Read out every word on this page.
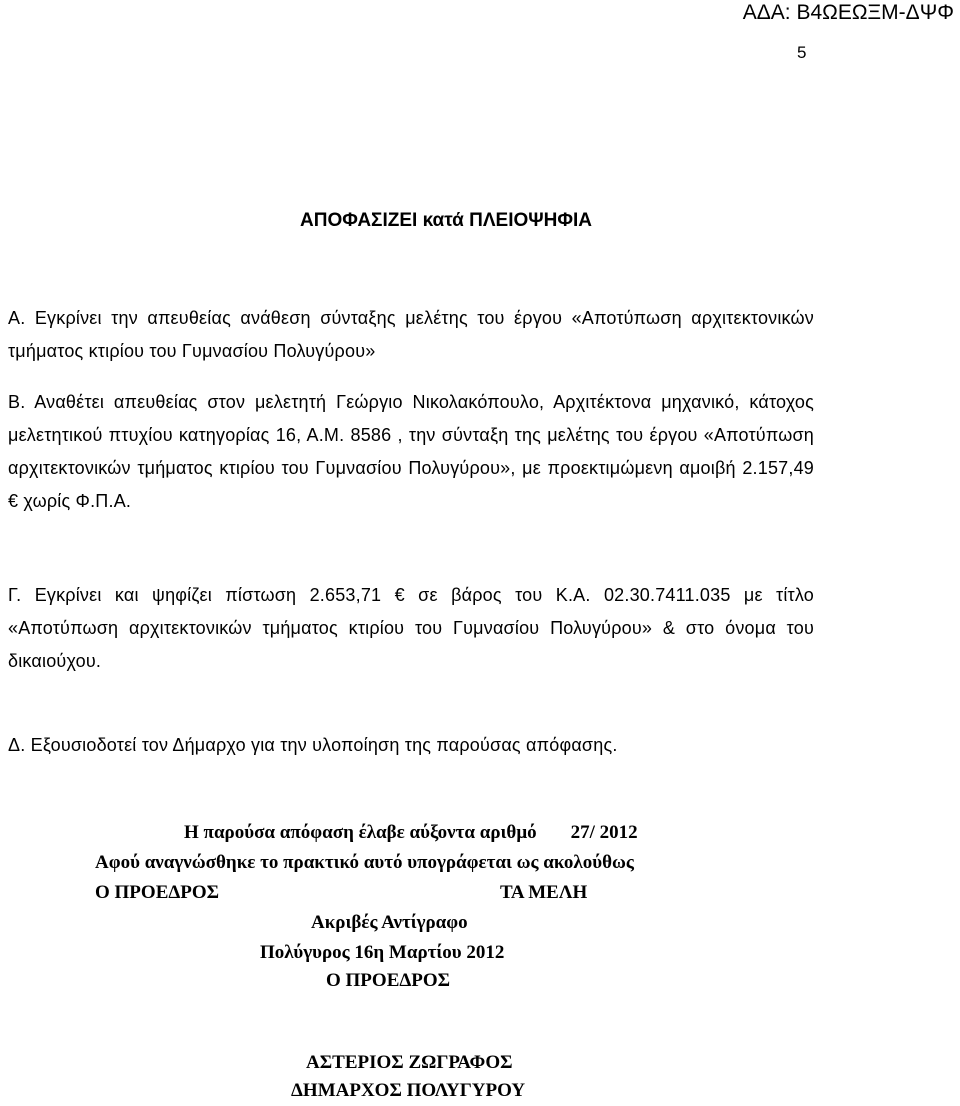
ΑΔΑ: Β4ΩΕΩΞΜ-ΔΨΦ
5
ΑΠΟΦΑΣΙΖΕΙ κατά ΠΛΕΙΟΨΗΦΙΑ
Α. Εγκρίνει την απευθείας ανάθεση σύνταξης μελέτης του έργου «Αποτύπωση αρχιτεκτονικών τμήματος κτιρίου του Γυμνασίου Πολυγύρου»
Β. Αναθέτει απευθείας στον μελετητή Γεώργιο Νικολακόπουλο, Αρχιτέκτονα μηχανικό, κάτοχος μελετητικού πτυχίου κατηγορίας 16, Α.Μ. 8586 , την σύνταξη της μελέτης του έργου «Αποτύπωση αρχιτεκτονικών τμήματος κτιρίου του Γυμνασίου Πολυγύρου», με προεκτιμώμενη αμοιβή 2.157,49 € χωρίς Φ.Π.Α.
Γ. Εγκρίνει και ψηφίζει πίστωση 2.653,71 € σε βάρος του Κ.Α. 02.30.7411.035 με τίτλο «Αποτύπωση αρχιτεκτονικών τμήματος κτιρίου του Γυμνασίου Πολυγύρου» & στο όνομα του δικαιούχου.
Δ. Εξουσιοδοτεί τον Δήμαρχο για την υλοποίηση της παρούσας απόφασης.
Η παρούσα απόφαση έλαβε αύξοντα αριθμό 27/ 2012
Αφού αναγνώσθηκε το πρακτικό αυτό υπογράφεται ως ακολούθως
Ο ΠΡΟΕΔΡΟΣ	ΤΑ ΜΕΛΗ
Ακριβές Αντίγραφο
Πολύγυρος 16η Μαρτίου 2012
Ο ΠΡΟΕΔΡΟΣ
ΑΣΤΕΡΙΟΣ ΖΩΓΡΑΦΟΣ
ΔΗΜΑΡΧΟΣ ΠΟΛΥΓΥΡΟΥ
